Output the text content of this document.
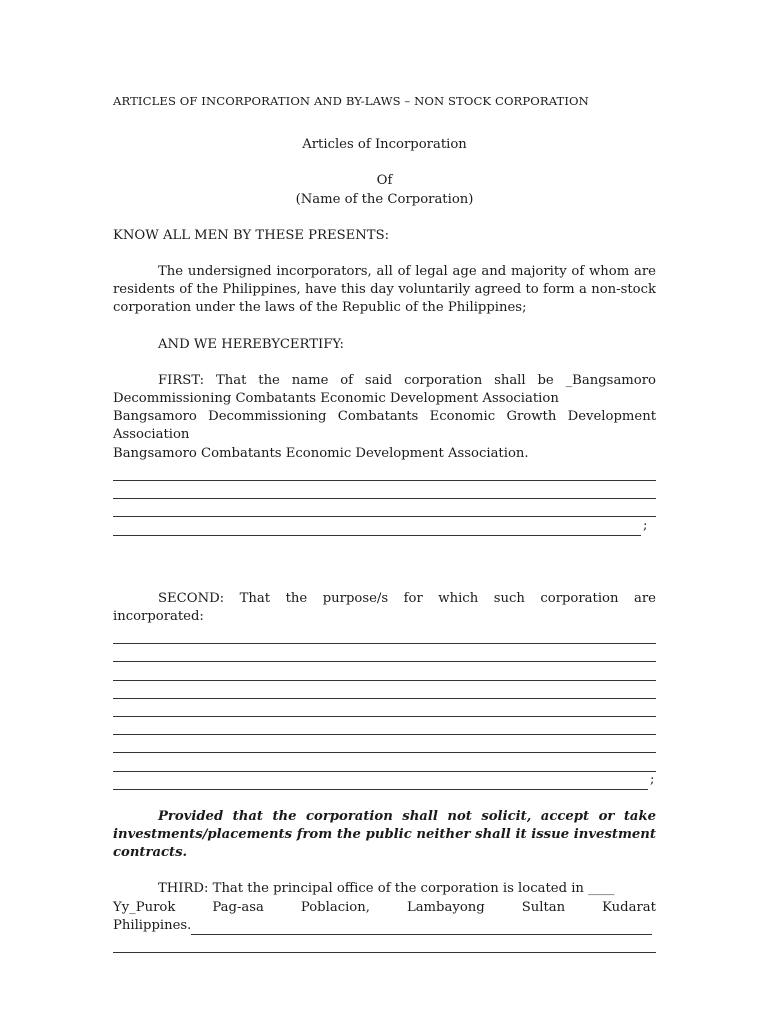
ARTICLES OF INCORPORATION AND BY-LAWS – NON STOCK CORPORATION

Articles of Incorporation

Of

(Name of the Corporation)

KNOW ALL MEN BY THESE PRESENTS:

The undersigned incorporators, all of legal age and majority of whom are residents of the Philippines, have this day voluntarily agreed to form a non-stock corporation under the laws of the Republic of the Philippines;

AND WE HEREBYCERTIFY:

FIRST: That the name of said corporation shall be _Bangsamoro Decommissioning Combatants Economic Development Association

Bangsamoro Decommissioning Combatants Economic Growth Development

Association

Bangsamoro Combatants Economic Development Association.

;

SECOND: That the purpose/s for which such corporation are incorporated:

;

Provided that the corporation shall not solicit, accept or take investments/placements from the public neither shall it issue investment contracts.

THIRD: That the principal office of the corporation is located in ____

Yy_Purok	Pag-asa	Poblacion,	Lambayong	Sultan	Kudarat
Philippines.
